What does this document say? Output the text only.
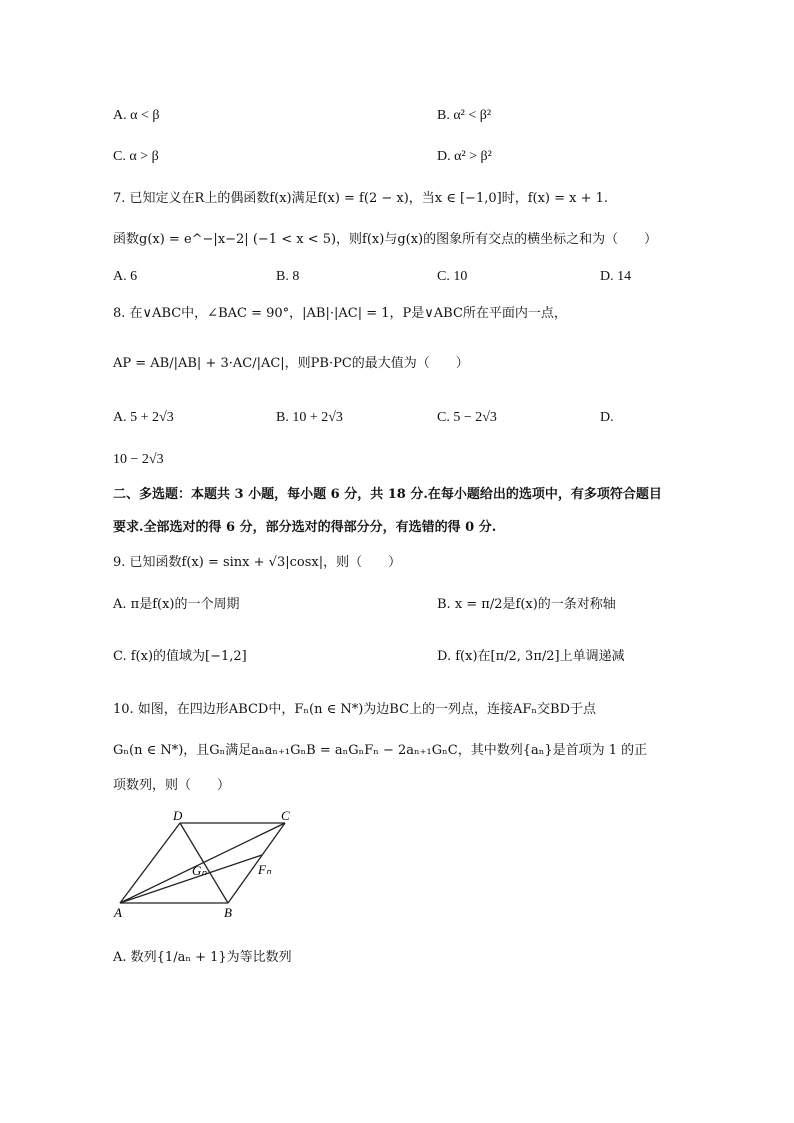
A. α < β	B. α² < β²
C. α > β	D. α² > β²
7. 已知定义在R上的偶函数f(x)满足f(x) = f(2 − x)，当x ∈ [−1,0]时，f(x) = x + 1.
函数g(x) = e^−|x−2| (−1 < x < 5)，则f(x)与g(x)的图象所有交点的横坐标之和为（　　）
A. 6	B. 8	C. 10	D. 14
8. 在∨ABC中，∠BAC = 90°，|AB|·|AC| = 1，P是∨ABC所在平面内一点，
AP = AB/|AB| + 3·AC/|AC|，则PB·PC的最大值为（　　）
A. 5 + 2√3	B. 10 + 2√3	C. 5 − 2√3	D.
10 − 2√3
二、多选题：本题共 3 小题，每小题 6 分，共 18 分.在每小题给出的选项中，有多项符合题目
要求.全部选对的得 6 分，部分选对的得部分分，有选错的得 0 分.
9. 已知函数f(x) = sinx + √3|cosx|，则（　　）
A. π是f(x)的一个周期	B. x = π/2是f(x)的一条对称轴
C. f(x)的值域为[−1,2]	D. f(x)在[π/2, 3π/2]上单调递减
10. 如图，在四边形ABCD中，Fₙ(n ∈ N*)为边BC上的一列点，连接AFₙ交BD于点
Gₙ(n ∈ N*)，且Gₙ满足aₙaₙ₊₁GₙB = aₙGₙFₙ − 2aₙ₊₁GₙC，其中数列{aₙ}是首项为 1 的正
项数列，则（　　）
D	C
A	B
Gₙ	Fₙ
A. 数列{1/aₙ + 1}为等比数列
